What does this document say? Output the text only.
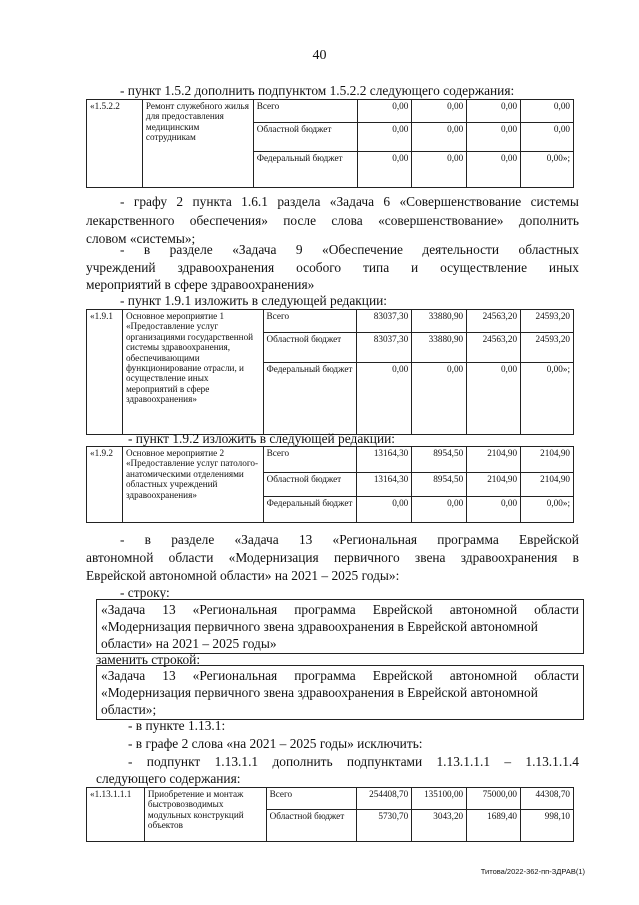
40
- пункт 1.5.2 дополнить подпунктом 1.5.2.2 следующего содержания:
«1.5.2.2	Ремонт служебного жилья для предоставления медицинским сотрудникам	Всего	0,00	0,00	0,00	0,00
		Областной бюджет	0,00	0,00	0,00	0,00
		Федеральный бюджет	0,00	0,00	0,00	0,00»;
- графу 2 пункта 1.6.1 раздела «Задача 6 «Совершенствование системы
лекарственного обеспечения» после слова «совершенствование» дополнить
словом «системы»;
- в разделе «Задача 9 «Обеспечение деятельности областных
учреждений здравоохранения особого типа и осуществление иных
мероприятий в сфере здравоохранения»
- пункт 1.9.1 изложить в следующей редакции:
«1.9.1	Основное мероприятие 1 «Предоставление услуг организациями государственной системы здравоохранения, обеспечивающими функционирование отрасли, и осуществление иных мероприятий в сфере здравоохранения»	Всего	83037,30	33880,90	24563,20	24593,20
		Областной бюджет	83037,30	33880,90	24563,20	24593,20
		Федеральный бюджет	0,00	0,00	0,00	0,00»;
- пункт 1.9.2 изложить в следующей редакции:
«1.9.2	Основное мероприятие 2 «Предоставление услуг патолого-анатомическими отделениями областных учреждений здравоохранения»	Всего	13164,30	8954,50	2104,90	2104,90
		Областной бюджет	13164,30	8954,50	2104,90	2104,90
		Федеральный бюджет	0,00	0,00	0,00	0,00»;
- в разделе «Задача 13 «Региональная программа Еврейской
автономной области «Модернизация первичного звена здравоохранения в
Еврейской автономной области» на 2021 – 2025 годы»:
- строку:
«Задача 13 «Региональная программа Еврейской автономной области
«Модернизация первичного звена здравоохранения в Еврейской автономной
области» на 2021 – 2025 годы»
заменить строкой:
«Задача 13 «Региональная программа Еврейской автономной области
«Модернизация первичного звена здравоохранения в Еврейской автономной
области»;
- в пункте 1.13.1:
- в графе 2 слова «на 2021 – 2025 годы» исключить:
- подпункт 1.13.1.1 дополнить подпунктами 1.13.1.1.1 – 1.13.1.1.4
следующего содержания:
«1.13.1.1.1	Приобретение и монтаж быстровозводимых модульных конструкций объектов	Всего	254408,70	135100,00	75000,00	44308,70
		Областной бюджет	5730,70	3043,20	1689,40	998,10
Титова/2022-362-пп-ЗДРАВ(1)
